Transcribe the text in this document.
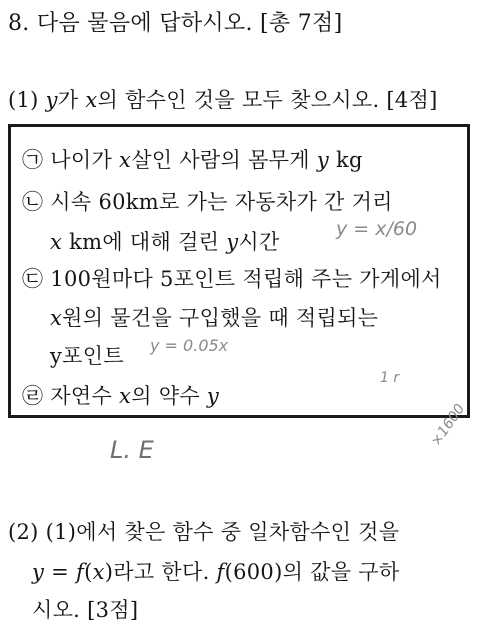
8. 다음 물음에 답하시오. [총 7점]
(1) y가 x의 함수인 것을 모두 찾으시오. [4점]
㉠ 나이가 x살인 사람의 몸무게 y kg
㉡ 시속 60km로 가는 자동차가 간 거리
x km에 대해 걸린 y시간
㉢ 100원마다 5포인트 적립해 주는 가게에서
x원의 물건을 구입했을 때 적립되는
y포인트
㉣ 자연수 x의 약수 y
y = x/60
y = 0.05x
1 r
L. E
×1600
(2) (1)에서 찾은 함수 중 일차함수인 것을
y = f(x)라고 한다. f(600)의 값을 구하
시오. [3점]
